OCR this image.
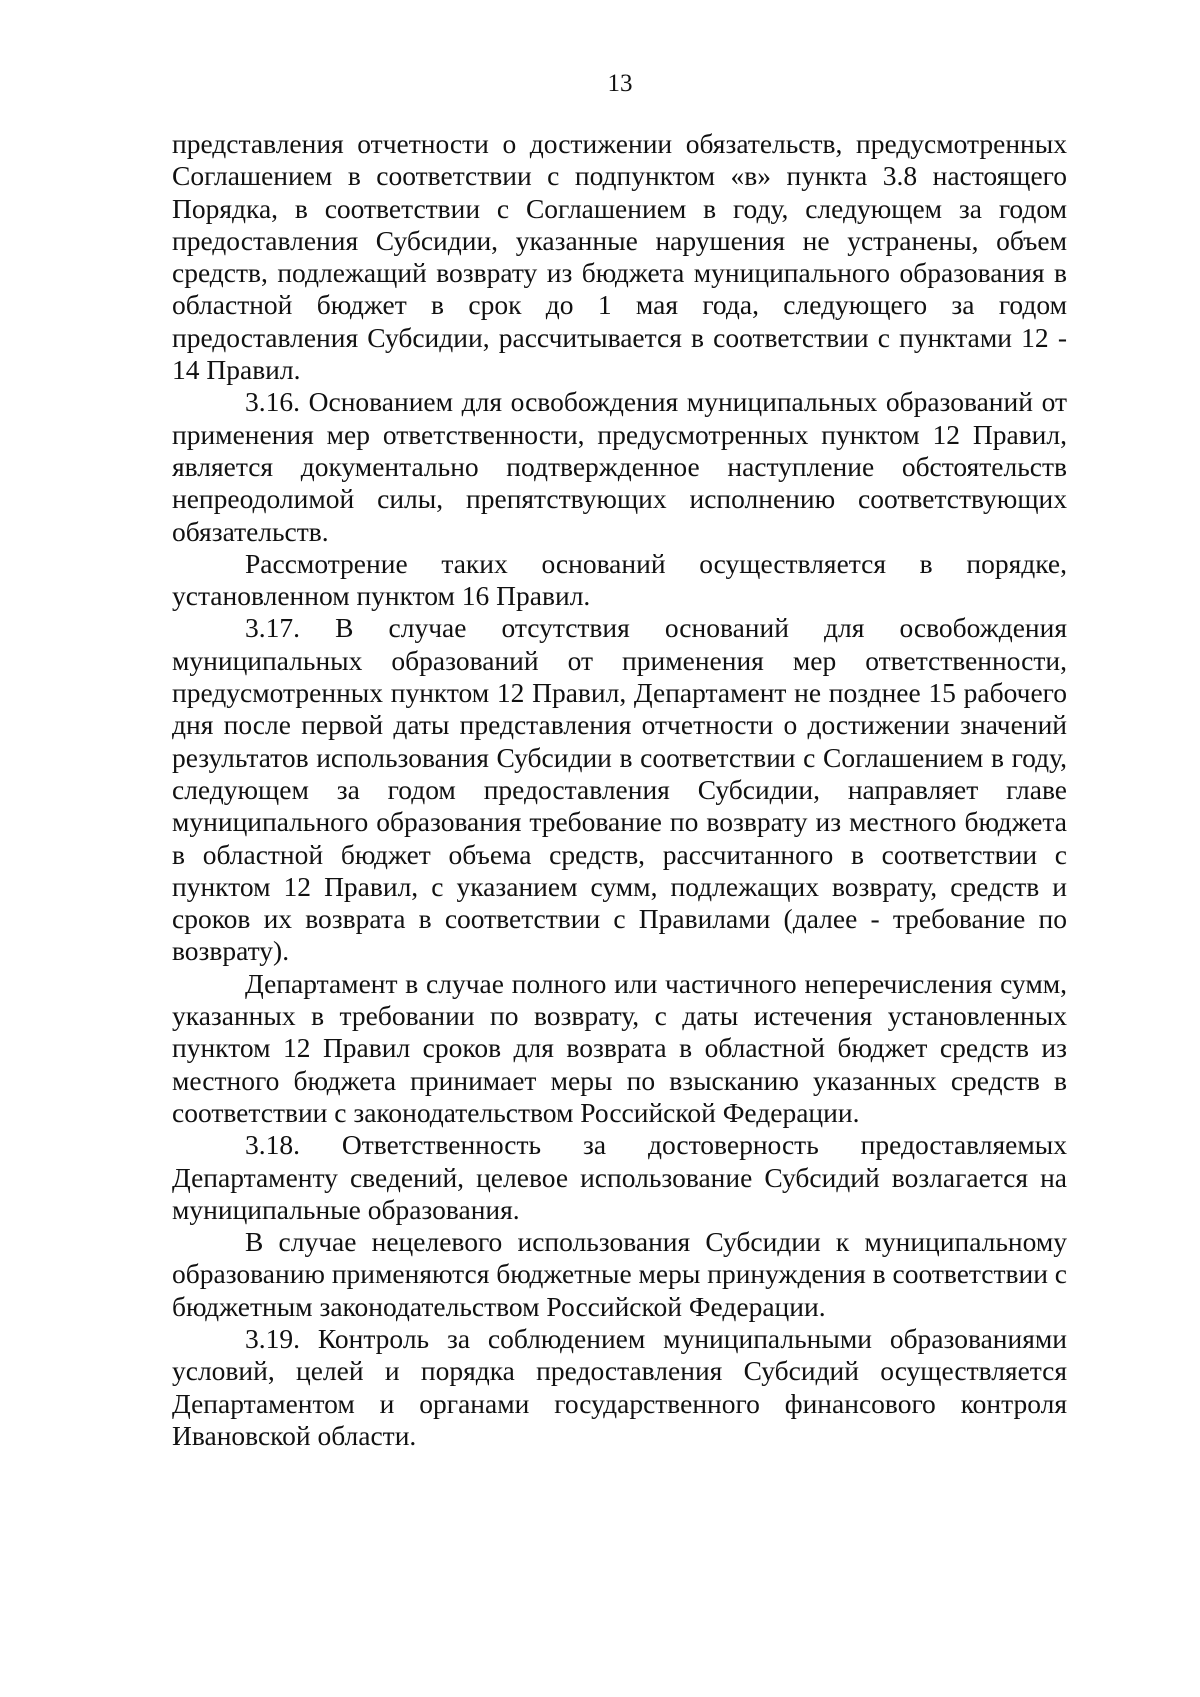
13

представления отчетности о достижении обязательств, предусмотренных Соглашением в соответствии с подпунктом «в» пункта 3.8 настоящего Порядка, в соответствии с Соглашением в году, следующем за годом предоставления Субсидии, указанные нарушения не устранены, объем средств, подлежащий возврату из бюджета муниципального образования в областной бюджет в срок до 1 мая года, следующего за годом предоставления Субсидии, рассчитывается в соответствии с пунктами 12 - 14 Правил.

3.16. Основанием для освобождения муниципальных образований от применения мер ответственности, предусмотренных пунктом 12 Правил, является документально подтвержденное наступление обстоятельств непреодолимой силы, препятствующих исполнению соответствующих обязательств.

Рассмотрение таких оснований осуществляется в порядке, установленном пунктом 16 Правил.

3.17. В случае отсутствия оснований для освобождения муниципальных образований от применения мер ответственности, предусмотренных пунктом 12 Правил, Департамент не позднее 15 рабочего дня после первой даты представления отчетности о достижении значений результатов использования Субсидии в соответствии с Соглашением в году, следующем за годом предоставления Субсидии, направляет главе муниципального образования требование по возврату из местного бюджета в областной бюджет объема средств, рассчитанного в соответствии с пунктом 12 Правил, с указанием сумм, подлежащих возврату, средств и сроков их возврата в соответствии с Правилами (далее - требование по возврату).

Департамент в случае полного или частичного неперечисления сумм, указанных в требовании по возврату, с даты истечения установленных пунктом 12 Правил сроков для возврата в областной бюджет средств из местного бюджета принимает меры по взысканию указанных средств в соответствии с законодательством Российской Федерации.

3.18. Ответственность за достоверность предоставляемых Департаменту сведений, целевое использование Субсидий возлагается на муниципальные образования.

В случае нецелевого использования Субсидии к муниципальному образованию применяются бюджетные меры принуждения в соответствии с бюджетным законодательством Российской Федерации.

3.19. Контроль за соблюдением муниципальными образованиями условий, целей и порядка предоставления Субсидий осуществляется Департаментом и органами государственного финансового контроля Ивановской области.
